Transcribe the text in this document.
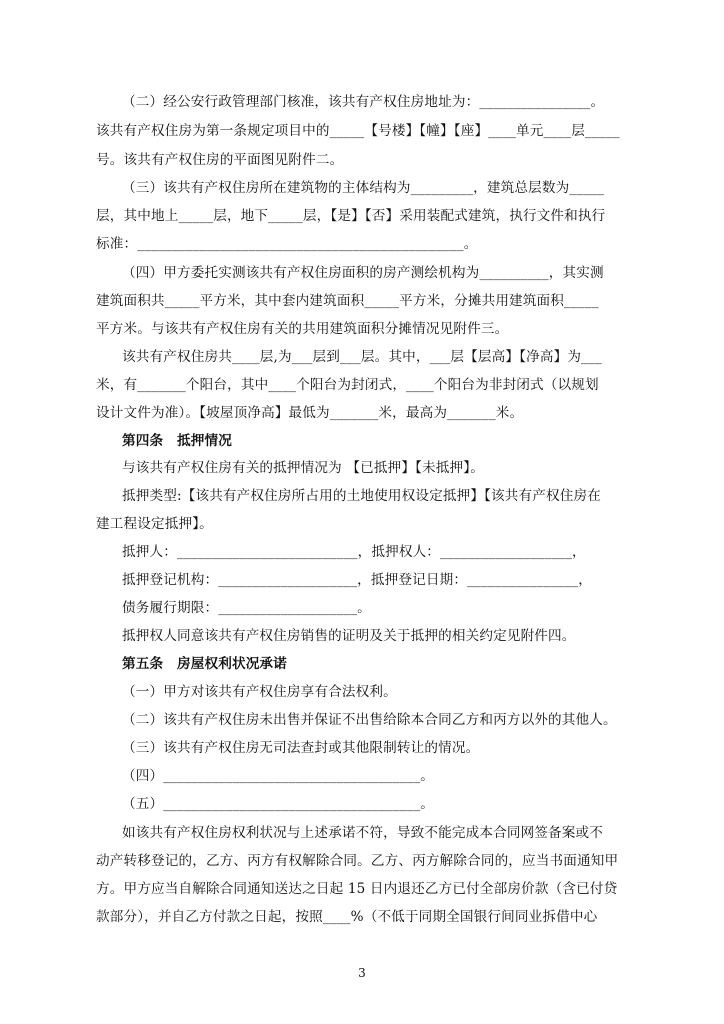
（二）经公安行政管理部门核准，该共有产权住房地址为：________________。
该共有产权住房为第一条规定项目中的_____【号楼】【幢】【座】____单元____层_____
号。该共有产权住房的平面图见附件二。
（三）该共有产权住房所在建筑物的主体结构为_________，建筑总层数为_____
层，其中地上_____层，地下_____层，【是】【否】采用装配式建筑，执行文件和执行
标准：_______________________________________________。
（四）甲方委托实测该共有产权住房面积的房产测绘机构为__________，其实测
建筑面积共_____平方米，其中套内建筑面积_____平方米，分摊共用建筑面积_____
平方米。与该共有产权住房有关的共用建筑面积分摊情况见附件三。
该共有产权住房共____层,为___层到___层。其中，___层【层高】【净高】为___
米，有_______个阳台，其中____个阳台为封闭式，____个阳台为非封闭式（以规划
设计文件为准）。【坡屋顶净高】最低为_______米，最高为_______米。
第四条　抵押情况
与该共有产权住房有关的抵押情况为 【已抵押】【未抵押】。
抵押类型:【该共有产权住房所占用的土地使用权设定抵押】【该共有产权住房在
建工程设定抵押】。
抵押人：__________________________，抵押权人：___________________，
抵押登记机构：____________________，抵押登记日期：________________，
债务履行期限：____________________。
抵押权人同意该共有产权住房销售的证明及关于抵押的相关约定见附件四。
第五条　房屋权利状况承诺
（一）甲方对该共有产权住房享有合法权利。
（二）该共有产权住房未出售并保证不出售给除本合同乙方和丙方以外的其他人。
（三）该共有产权住房无司法查封或其他限制转让的情况。
（四）_____________________________________。
（五）_____________________________________。
如该共有产权住房权利状况与上述承诺不符，导致不能完成本合同网签备案或不
动产转移登记的，乙方、丙方有权解除合同。乙方、丙方解除合同的，应当书面通知甲
方。甲方应当自解除合同通知送达之日起 15 日内退还乙方已付全部房价款（含已付贷
款部分），并自乙方付款之日起，按照____%（不低于同期全国银行间同业拆借中心
3
